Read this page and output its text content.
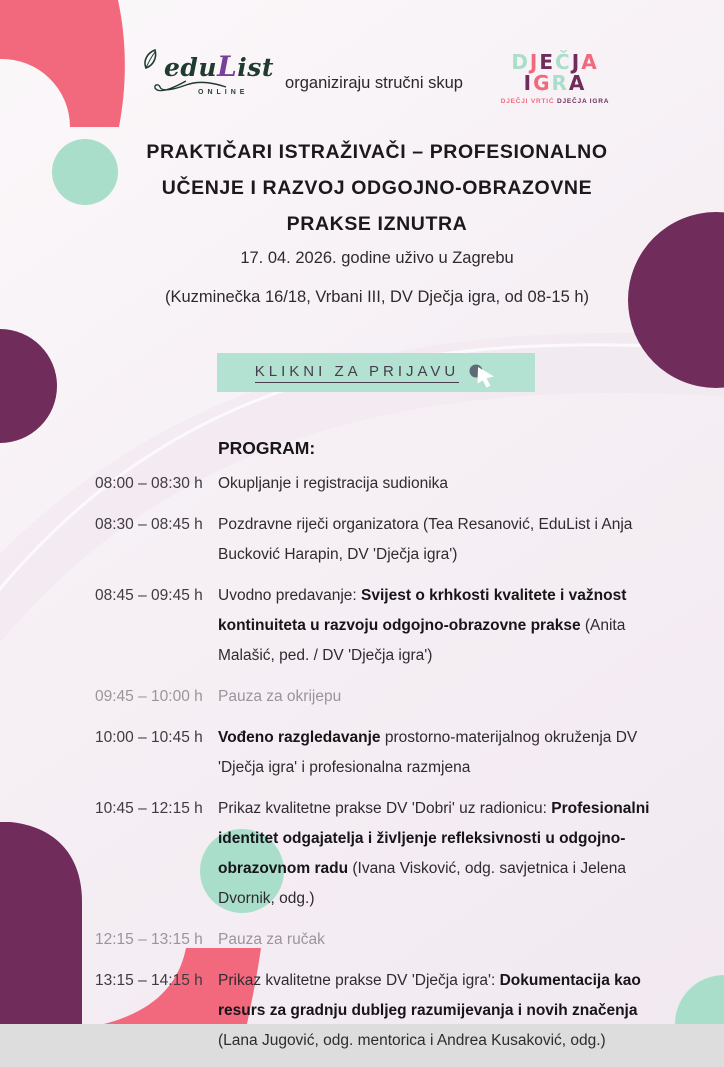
eduList
ONLINE
organiziraju stručni skup
DJEČJA
IGRA
DJEČJI VRTIĆ DJEČJA IGRA
PRAKTIČARI ISTRAŽIVAČI – PROFESIONALNO
UČENJE I RAZVOJ ODGOJNO-OBRAZOVNE
PRAKSE IZNUTRA
17. 04. 2026. godine uživo u Zagrebu
(Kuzminečka 16/18, Vrbani III, DV Dječja igra, od 08-15 h)
KLIKNI ZA PRIJAVU
PROGRAM:
08:00 – 08:30 h Okupljanje i registracija sudionika
08:30 – 08:45 h Pozdravne riječi organizatora (Tea Resanović, EduList i Anja Bucković Harapin, DV 'Dječja igra')
08:45 – 09:45 h Uvodno predavanje: Svijest o krhkosti kvalitete i važnost kontinuiteta u razvoju odgojno-obrazovne prakse (Anita Malašić, ped. / DV 'Dječja igra')
09:45 – 10:00 h Pauza za okrijepu
10:00 – 10:45 h Vođeno razgledavanje prostorno-materijalnog okruženja DV 'Dječja igra' i profesionalna razmjena
10:45 – 12:15 h Prikaz kvalitetne prakse DV 'Dobri' uz radionicu: Profesionalni identitet odgajatelja i življenje refleksivnosti u odgojno-obrazovnom radu (Ivana Visković, odg. savjetnica i Jelena Dvornik, odg.)
12:15 – 13:15 h Pauza za ručak
13:15 – 14:15 h Prikaz kvalitetne prakse DV 'Dječja igra': Dokumentacija kao resurs za gradnju dubljeg razumijevanja i novih značenja (Lana Jugović, odg. mentorica i Andrea Kusaković, odg.)
